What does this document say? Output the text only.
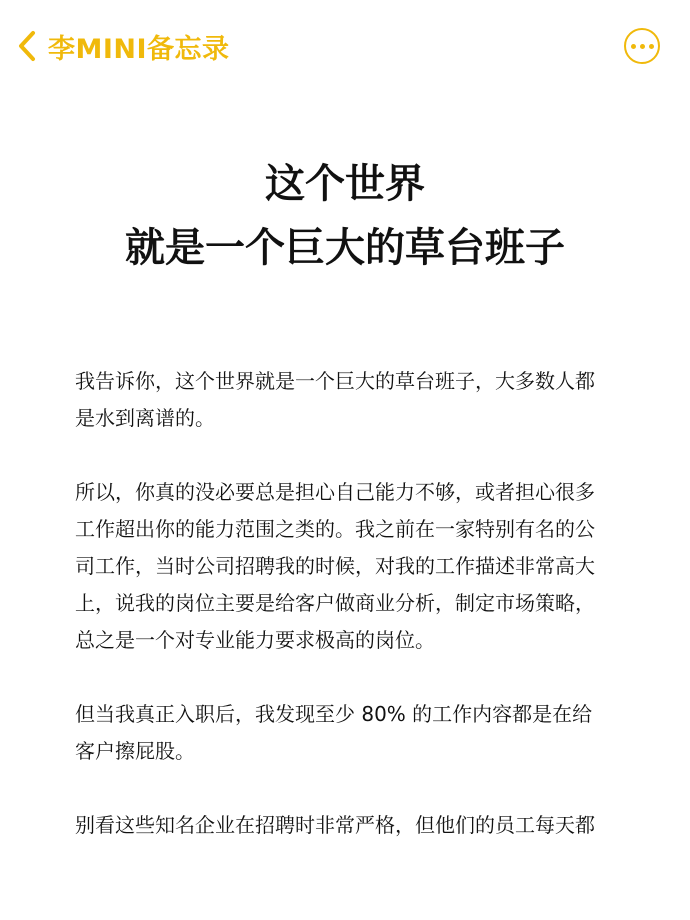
李MINI备忘录
这个世界
就是一个巨大的草台班子

我告诉你，这个世界就是一个巨大的草台班子，大多数人都
是水到离谱的。

所以，你真的没必要总是担心自己能力不够，或者担心很多
工作超出你的能力范围之类的。我之前在一家特别有名的公
司工作，当时公司招聘我的时候，对我的工作描述非常高大
上，说我的岗位主要是给客户做商业分析，制定市场策略，
总之是一个对专业能力要求极高的岗位。

但当我真正入职后，我发现至少 80% 的工作内容都是在给
客户擦屁股。

别看这些知名企业在招聘时非常严格，但他们的员工每天都
